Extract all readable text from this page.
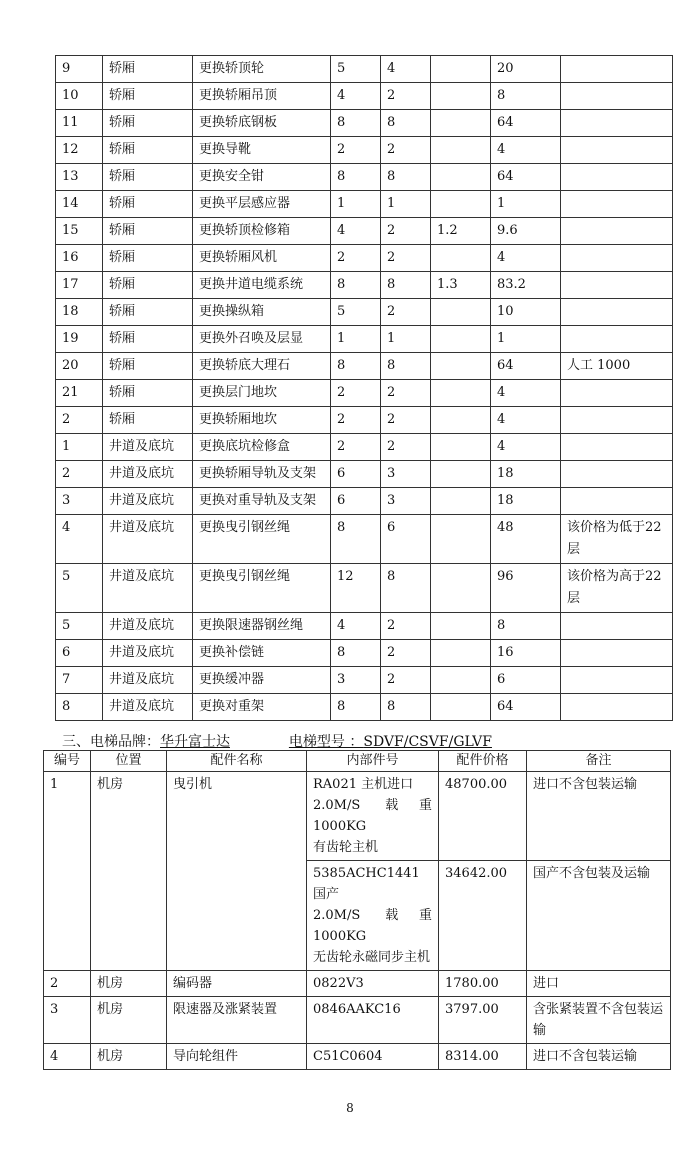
9	轿厢	更换轿顶轮	5	4		20	
10	轿厢	更换轿厢吊顶	4	2		8	
11	轿厢	更换轿底钢板	8	8		64	
12	轿厢	更换导靴	2	2		4	
13	轿厢	更换安全钳	8	8		64	
14	轿厢	更换平层感应器	1	1		1	
15	轿厢	更换轿顶检修箱	4	2	1.2	9.6	
16	轿厢	更换轿厢风机	2	2		4	
17	轿厢	更换井道电缆系统	8	8	1.3	83.2	
18	轿厢	更换操纵箱	5	2		10	
19	轿厢	更换外召唤及层显	1	1		1	
20	轿厢	更换轿底大理石	8	8		64	人工 1000
21	轿厢	更换层门地坎	2	2		4	
2	轿厢	更换轿厢地坎	2	2		4	
1	井道及底坑	更换底坑检修盒	2	2		4	
2	井道及底坑	更换轿厢导轨及支架	6	3		18	
3	井道及底坑	更换对重导轨及支架	6	3		18	
4	井道及底坑	更换曳引钢丝绳	8	6		48	该价格为低于22层
5	井道及底坑	更换曳引钢丝绳	12	8		96	该价格为高于22层
5	井道及底坑	更换限速器钢丝绳	4	2		8	
6	井道及底坑	更换补偿链	8	2		16	
7	井道及底坑	更换缓冲器	3	2		6	
8	井道及底坑	更换对重架	8	8		64	
三、电梯品牌：华升富士达	电梯型号 ：SDVF/CSVF/GLVF
编号	位置	配件名称	内部件号	配件价格	备注
1	机房	曳引机	RA021 主机进口
2.0M/S 载重
1000KG
有齿轮主机	48700.00	进口不含包装运输

			5385ACHC1441 国产
2.0M/S 载重
1000KG
无齿轮永磁同步主机	34642.00	国产不含包装及运输
2	机房	编码器	0822V3	1780.00	进口
3	机房	限速器及涨紧装置	0846AAKC16	3797.00	含张紧装置不含包装运输
4	机房	导向轮组件	C51C0604	8314.00	进口不含包装运输
8
